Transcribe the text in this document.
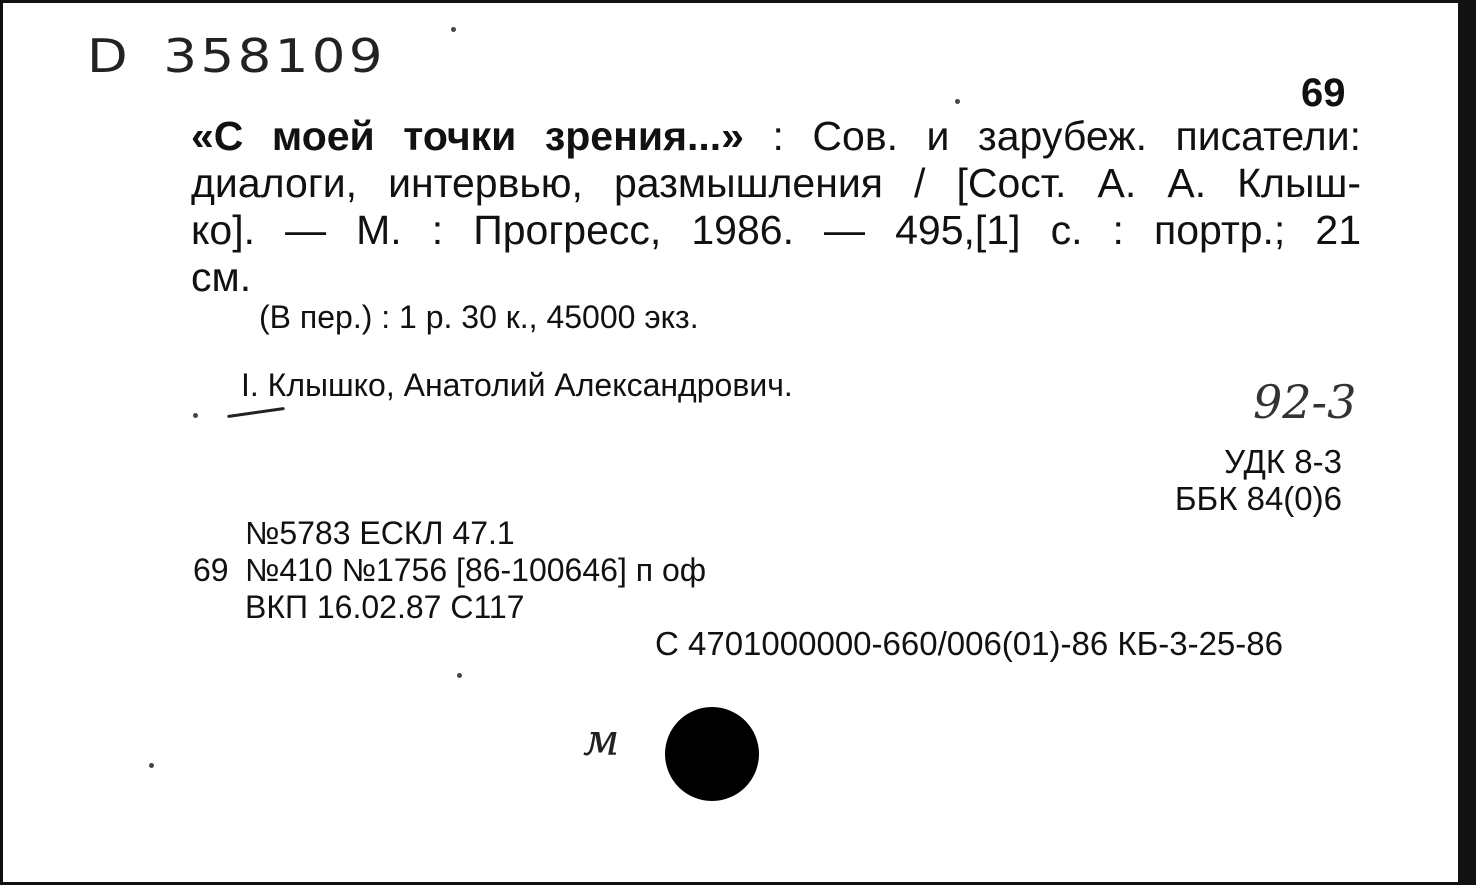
D 358109
69
«С моей точки зрения...» : Сов. и зарубеж. писатели:
диалоги, интервью, размышления / [Сост. А. А. Клыш-
ко]. — М. : Прогресс, 1986. — 495,[1] с. : портр.; 21
см.
(В пер.) : 1 р. 30 к., 45000 экз.
I. Клышко, Анатолий Александрович.	92-3
УДК 8-3
ББК 84(0)6
№5783 ЕСКЛ 47.1
69 №410 №1756 [86-100646] п оф
ВКП 16.02.87 С117
С 4701000000-660/006(01)-86 КБ-3-25-86
м
